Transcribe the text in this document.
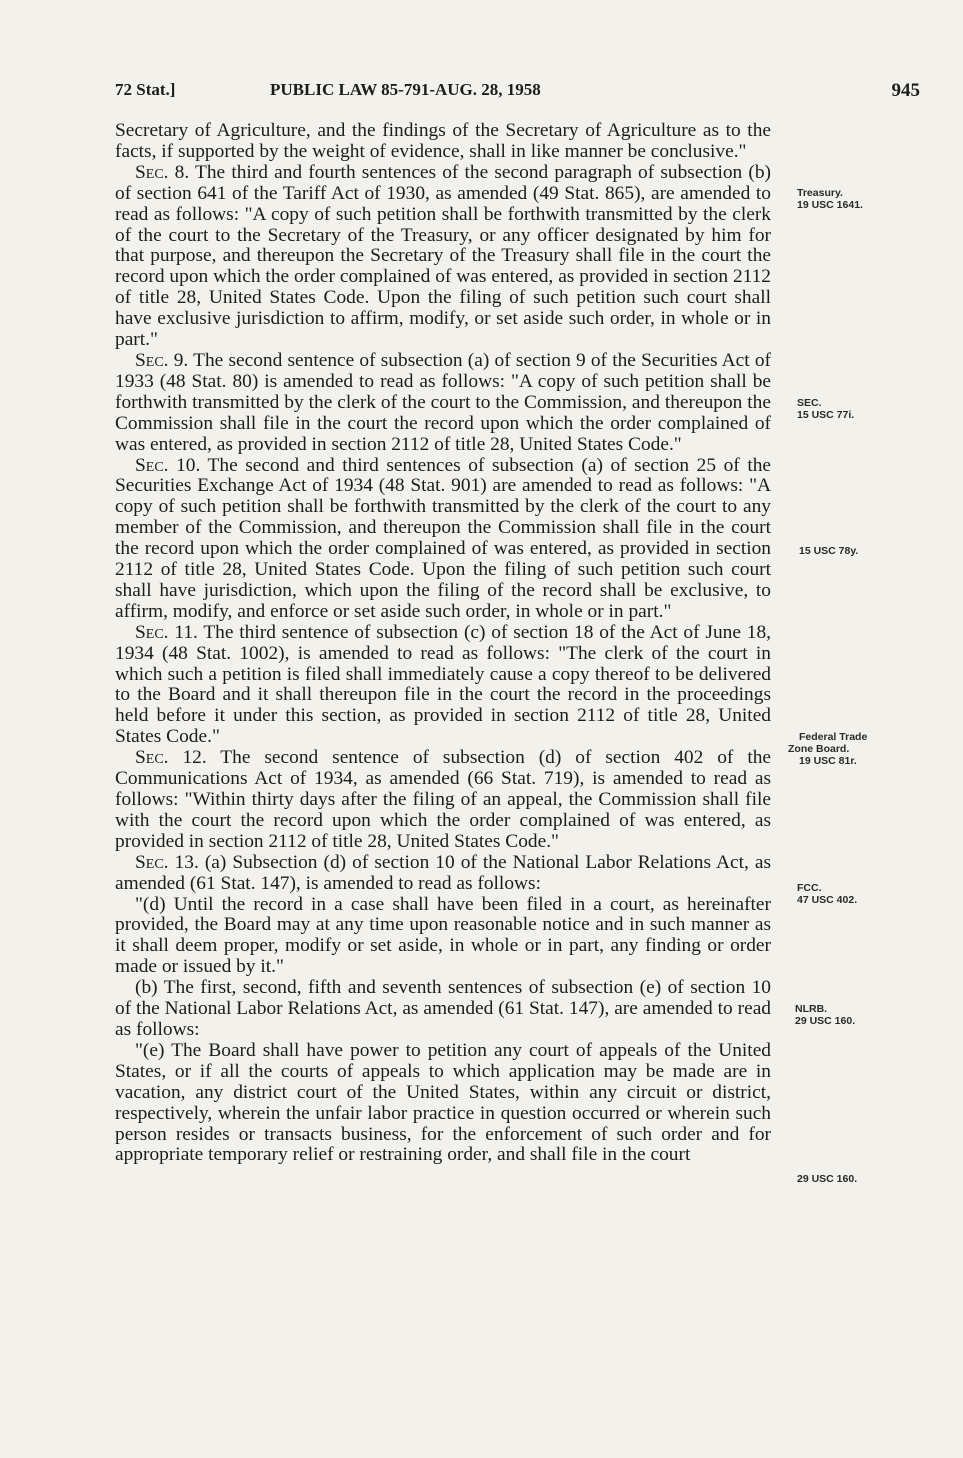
72 Stat.]	PUBLIC LAW 85-791-AUG. 28, 1958	945

Secretary of Agriculture, and the findings of the Secretary of Agriculture as to the facts, if supported by the weight of evidence, shall in like manner be conclusive."

Sec. 8. The third and fourth sentences of the second paragraph of subsection (b) of section 641 of the Tariff Act of 1930, as amended (49 Stat. 865), are amended to read as follows: "A copy of such petition shall be forthwith transmitted by the clerk of the court to the Secretary of the Treasury, or any officer designated by him for that purpose, and thereupon the Secretary of the Treasury shall file in the court the record upon which the order complained of was entered, as provided in section 2112 of title 28, United States Code. Upon the filing of such petition such court shall have exclusive jurisdiction to affirm, modify, or set aside such order, in whole or in part."

Sec. 9. The second sentence of subsection (a) of section 9 of the Securities Act of 1933 (48 Stat. 80) is amended to read as follows: "A copy of such petition shall be forthwith transmitted by the clerk of the court to the Commission, and thereupon the Commission shall file in the court the record upon which the order complained of was entered, as provided in section 2112 of title 28, United States Code."

Sec. 10. The second and third sentences of subsection (a) of section 25 of the Securities Exchange Act of 1934 (48 Stat. 901) are amended to read as follows: "A copy of such petition shall be forthwith transmitted by the clerk of the court to any member of the Commission, and thereupon the Commission shall file in the court the record upon which the order complained of was entered, as provided in section 2112 of title 28, United States Code. Upon the filing of such petition such court shall have jurisdiction, which upon the filing of the record shall be exclusive, to affirm, modify, and enforce or set aside such order, in whole or in part."

Sec. 11. The third sentence of subsection (c) of section 18 of the Act of June 18, 1934 (48 Stat. 1002), is amended to read as follows: "The clerk of the court in which such a petition is filed shall immediately cause a copy thereof to be delivered to the Board and it shall thereupon file in the court the record in the proceedings held before it under this section, as provided in section 2112 of title 28, United States Code."

Sec. 12. The second sentence of subsection (d) of section 402 of the Communications Act of 1934, as amended (66 Stat. 719), is amended to read as follows: "Within thirty days after the filing of an appeal, the Commission shall file with the court the record upon which the order complained of was entered, as provided in section 2112 of title 28, United States Code."

Sec. 13. (a) Subsection (d) of section 10 of the National Labor Relations Act, as amended (61 Stat. 147), is amended to read as follows:

"(d) Until the record in a case shall have been filed in a court, as hereinafter provided, the Board may at any time upon reasonable notice and in such manner as it shall deem proper, modify or set aside, in whole or in part, any finding or order made or issued by it."

(b) The first, second, fifth and seventh sentences of subsection (e) of section 10 of the National Labor Relations Act, as amended (61 Stat. 147), are amended to read as follows:

"(e) The Board shall have power to petition any court of appeals of the United States, or if all the courts of appeals to which application may be made are in vacation, any district court of the United States, within any circuit or district, respectively, wherein the unfair labor practice in question occurred or wherein such person resides or transacts business, for the enforcement of such order and for appropriate temporary relief or restraining order, and shall file in the court

Treasury.
19 USC 1641.
SEC.
15 USC 77i.
15 USC 78y.
Federal Trade
Zone Board.
19 USC 81r.
FCC.
47 USC 402.
NLRB.
29 USC 160.
29 USC 160.
